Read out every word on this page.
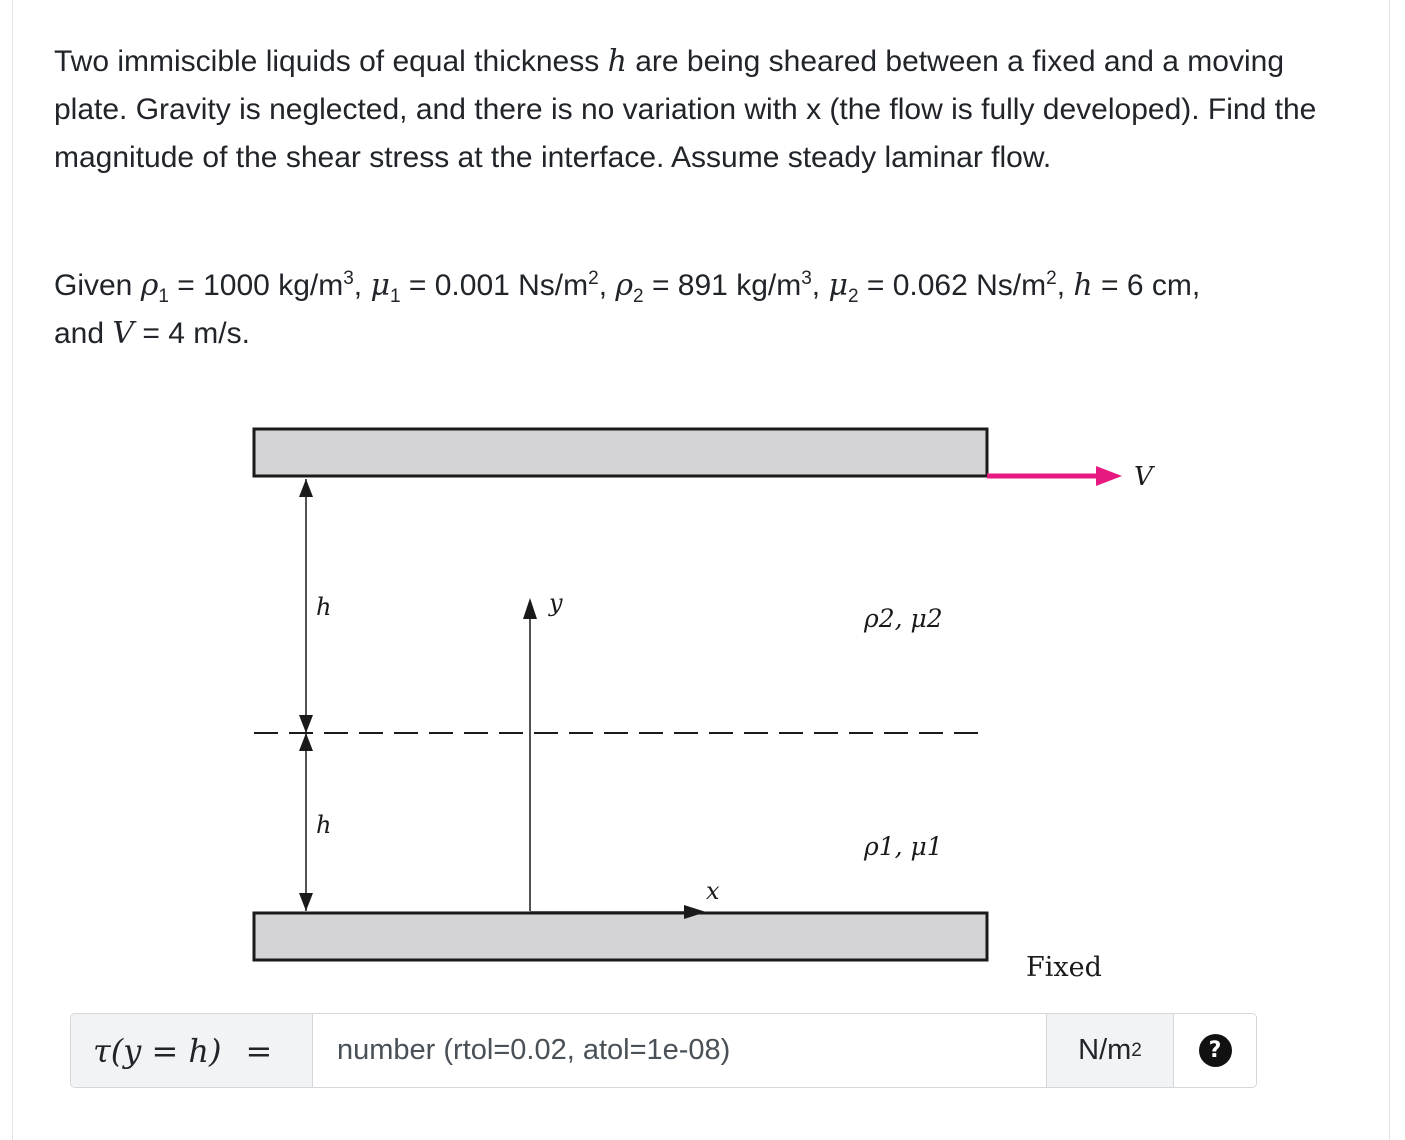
Two immiscible liquids of equal thickness h are being sheared between a fixed and a moving plate. Gravity is neglected, and there is no variation with x (the flow is fully developed). Find the magnitude of the shear stress at the interface. Assume steady laminar flow.

Given $\rho_1 = 1000$ $kg/m^3$, $\mu_1 = 0.001$ $Ns/m^2$, $\rho_2 = 891$ $kg/m^3$, $\mu_2 = 0.062$ $Ns/m^2$, h = 6 cm,
and V = 4 m/s.

V
Fixed
h
h
y
x
ρ2, μ2
ρ1, μ1
τ(y = h) =
number (rtol=0.02, atol=1e-08)	N/m 2	?
